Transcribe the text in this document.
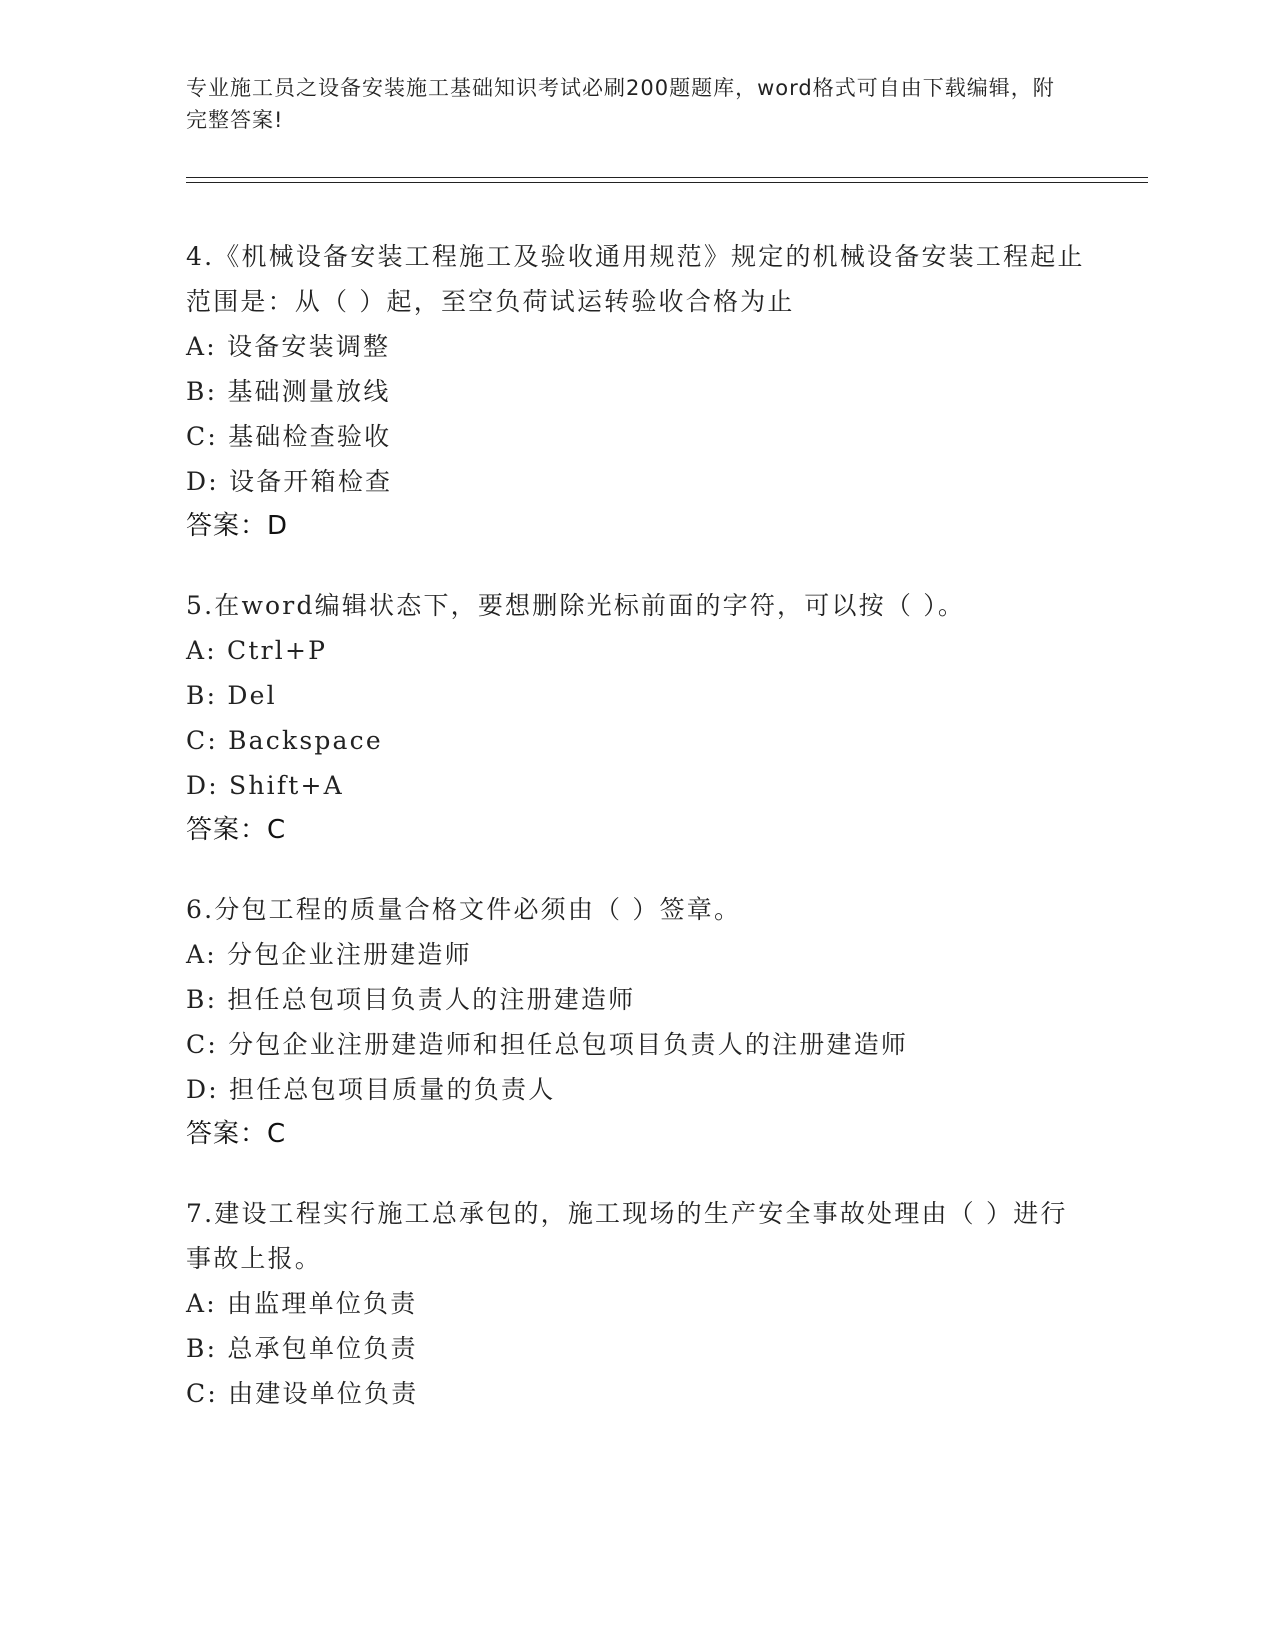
专业施工员之设备安装施工基础知识考试必刷200题题库，word格式可自由下载编辑，附完整答案!

4.《机械设备安装工程施工及验收通用规范》规定的机械设备安装工程起止范围是：从（ ）起，至空负荷试运转验收合格为止

A: 设备安装调整

B: 基础测量放线

C: 基础检查验收

D: 设备开箱检查

答案：D

5.在word编辑状态下，要想删除光标前面的字符，可以按（ ）。

A: Ctrl+P

B: Del

C: Backspace

D: Shift+A

答案：C

6.分包工程的质量合格文件必须由（ ）签章。

A: 分包企业注册建造师

B: 担任总包项目负责人的注册建造师

C: 分包企业注册建造师和担任总包项目负责人的注册建造师

D: 担任总包项目质量的负责人

答案：C

7.建设工程实行施工总承包的，施工现场的生产安全事故处理由（ ）进行事故上报。

A: 由监理单位负责

B: 总承包单位负责

C: 由建设单位负责
